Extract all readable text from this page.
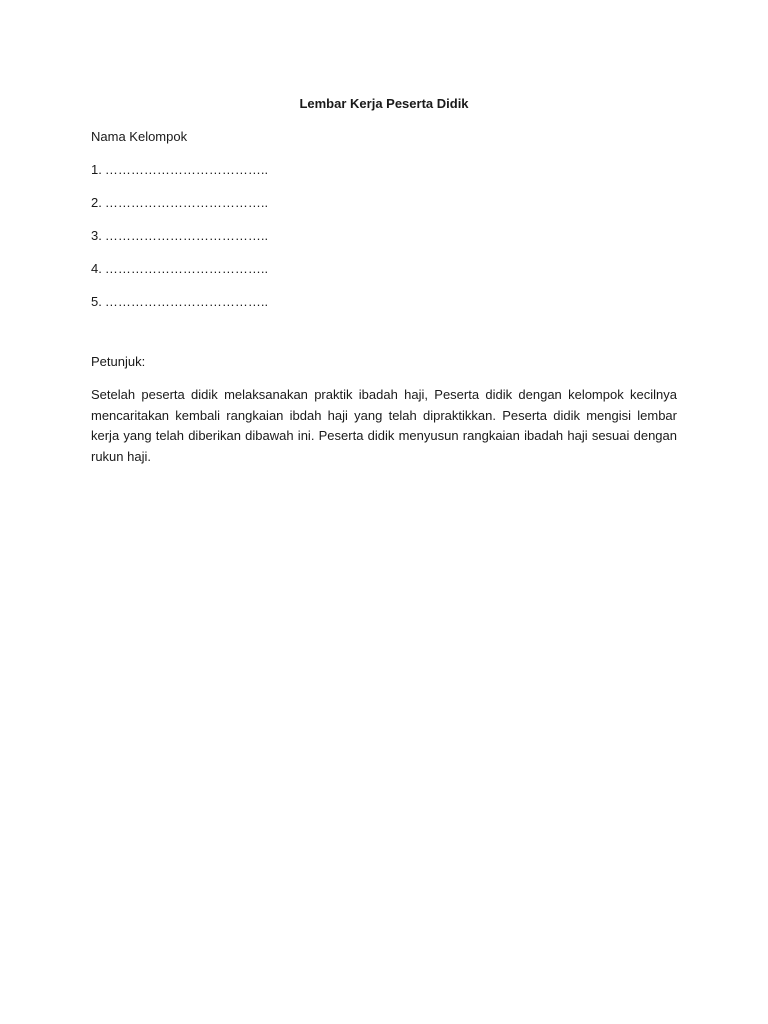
Lembar Kerja Peserta Didik

Nama Kelompok

1. ………………………………..
2. ………………………………..
3. ………………………………..
4. ………………………………..
5. ………………………………..

Petunjuk:

Setelah peserta didik melaksanakan praktik ibadah haji, Peserta didik dengan kelompok kecilnya mencaritakan kembali rangkaian ibdah haji yang telah dipraktikkan. Peserta didik mengisi lembar kerja yang telah diberikan dibawah ini. Peserta didik menyusun rangkaian ibadah haji sesuai dengan rukun haji.
